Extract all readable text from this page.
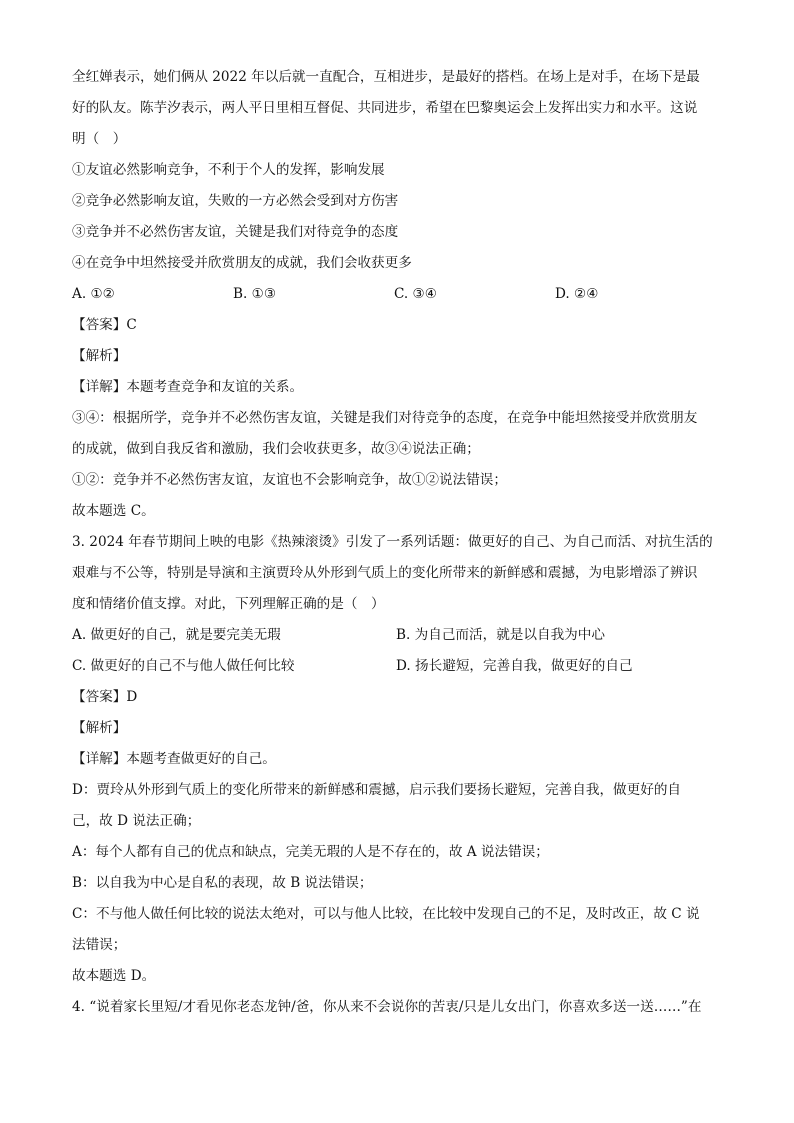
全红婵表示，她们俩从 2022 年以后就一直配合，互相进步，是最好的搭档。在场上是对手，在场下是最

好的队友。陈芋汐表示，两人平日里相互督促、共同进步，希望在巴黎奥运会上发挥出实力和水平。这说

明（　）

①友谊必然影响竞争，不利于个人的发挥，影响发展

②竞争必然影响友谊，失败的一方必然会受到对方伤害

③竞争并不必然伤害友谊，关键是我们对待竞争的态度

④在竞争中坦然接受并欣赏朋友的成就，我们会收获更多

A. ①②	B. ①③	C. ③④	D. ②④

【答案】C

【解析】

【详解】本题考查竞争和友谊的关系。

③④：根据所学，竞争并不必然伤害友谊，关键是我们对待竞争的态度，在竞争中能坦然接受并欣赏朋友

的成就，做到自我反省和激励，我们会收获更多，故③④说法正确；

①②：竞争并不必然伤害友谊，友谊也不会影响竞争，故①②说法错误；

故本题选 C。

3. 2024 年春节期间上映的电影《热辣滚烫》引发了一系列话题：做更好的自己、为自己而活、对抗生活的

艰难与不公等，特别是导演和主演贾玲从外形到气质上的变化所带来的新鲜感和震撼，为电影增添了辨识

度和情绪价值支撑。对此，下列理解正确的是（　）

A. 做更好的自己，就是要完美无瑕	B. 为自己而活，就是以自我为中心
C. 做更好的自己不与他人做任何比较	D. 扬长避短，完善自我，做更好的自己

【答案】D

【解析】

【详解】本题考查做更好的自己。

D：贾玲从外形到气质上的变化所带来的新鲜感和震撼，启示我们要扬长避短，完善自我，做更好的自

己，故 D 说法正确；

A：每个人都有自己的优点和缺点，完美无瑕的人是不存在的，故 A 说法错误；

B：以自我为中心是自私的表现，故 B 说法错误；

C：不与他人做任何比较的说法太绝对，可以与他人比较，在比较中发现自己的不足，及时改正，故 C 说

法错误；

故本题选 D。

4. “说着家长里短/才看见你老态龙钟/爸，你从来不会说你的苦衷/只是儿女出门，你喜欢多送一送……”在
